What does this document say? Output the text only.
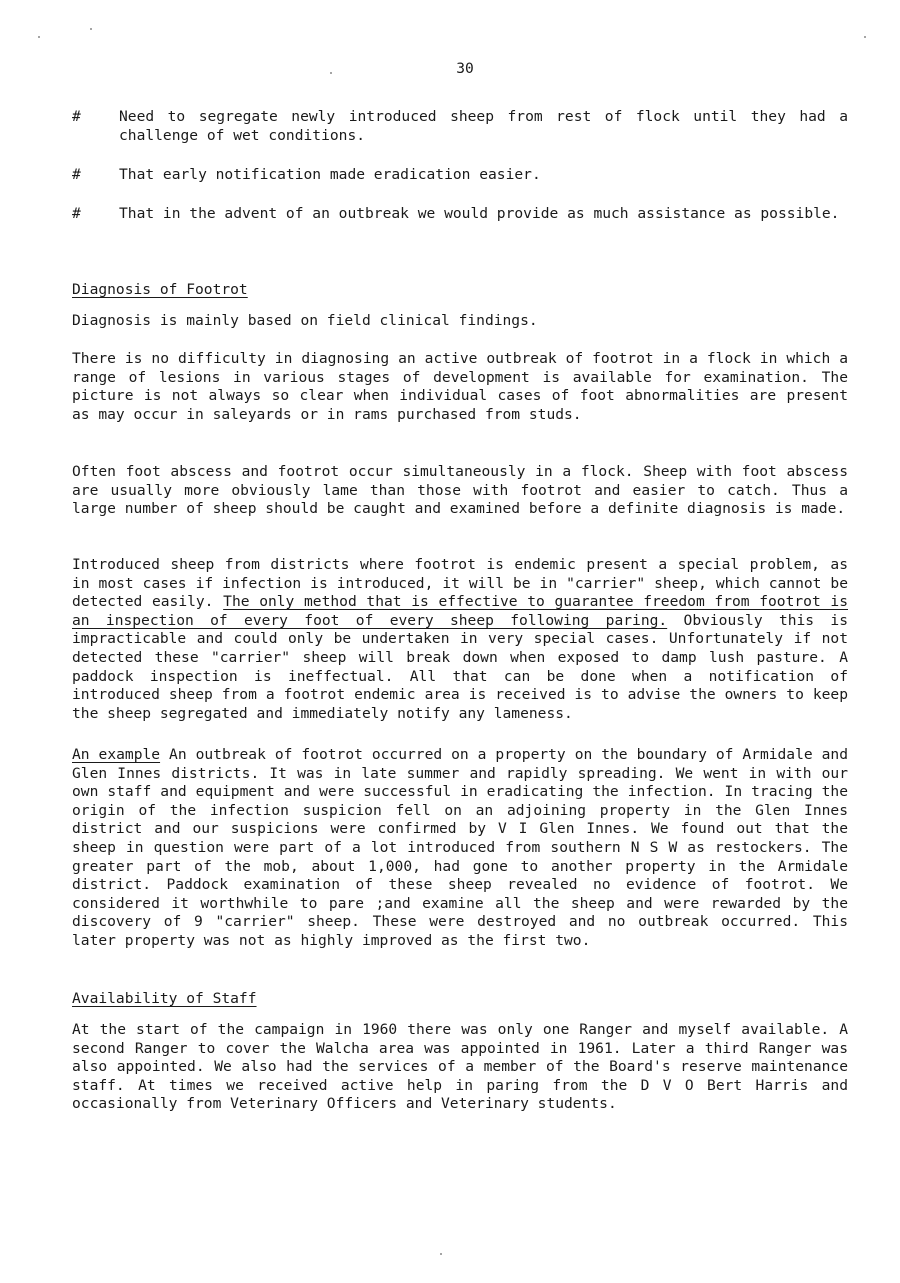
30
#	Need to segregate newly introduced sheep from rest of flock until they had a challenge of wet conditions.

#	That early notification made eradication easier.

#	That in the advent of an outbreak we would provide as much assistance as possible.

Diagnosis of Footrot

Diagnosis is mainly based on field clinical findings.

There is no difficulty in diagnosing an active outbreak of footrot in a flock in which a range of lesions in various stages of development is available for examination. The picture is not always so clear when individual cases of foot abnormalities are present as may occur in saleyards or in rams purchased from studs.

Often foot abscess and footrot occur simultaneously in a flock. Sheep with foot abscess are usually more obviously lame than those with footrot and easier to catch. Thus a large number of sheep should be caught and examined before a definite diagnosis is made.

Introduced sheep from districts where footrot is endemic present a special problem, as in most cases if infection is introduced, it will be in "carrier" sheep, which cannot be detected easily. The only method that is effective to guarantee freedom from footrot is an inspection of every foot of every sheep following paring. Obviously this is impracticable and could only be undertaken in very special cases. Unfortunately if not detected these "carrier" sheep will break down when exposed to damp lush pasture. A paddock inspection is ineffectual. All that can be done when a notification of introduced sheep from a footrot endemic area is received is to advise the owners to keep the sheep segregated and immediately notify any lameness.

An example An outbreak of footrot occurred on a property on the boundary of Armidale and Glen Innes districts. It was in late summer and rapidly spreading. We went in with our own staff and equipment and were successful in eradicating the infection. In tracing the origin of the infection suspicion fell on an adjoining property in the Glen Innes district and our suspicions were confirmed by V I Glen Innes. We found out that the sheep in question were part of a lot introduced from southern N S W as restockers. The greater part of the mob, about 1,000, had gone to another property in the Armidale district. Paddock examination of these sheep revealed no evidence of footrot. We considered it worthwhile to pare ;and examine all the sheep and were rewarded by the discovery of 9 "carrier" sheep. These were destroyed and no outbreak occurred. This later property was not as highly improved as the first two.

Availability of Staff

At the start of the campaign in 1960 there was only one Ranger and myself available. A second Ranger to cover the Walcha area was appointed in 1961. Later a third Ranger was also appointed. We also had the services of a member of the Board's reserve maintenance staff. At times we received active help in paring from the D V O Bert Harris and occasionally from Veterinary Officers and Veterinary students.
